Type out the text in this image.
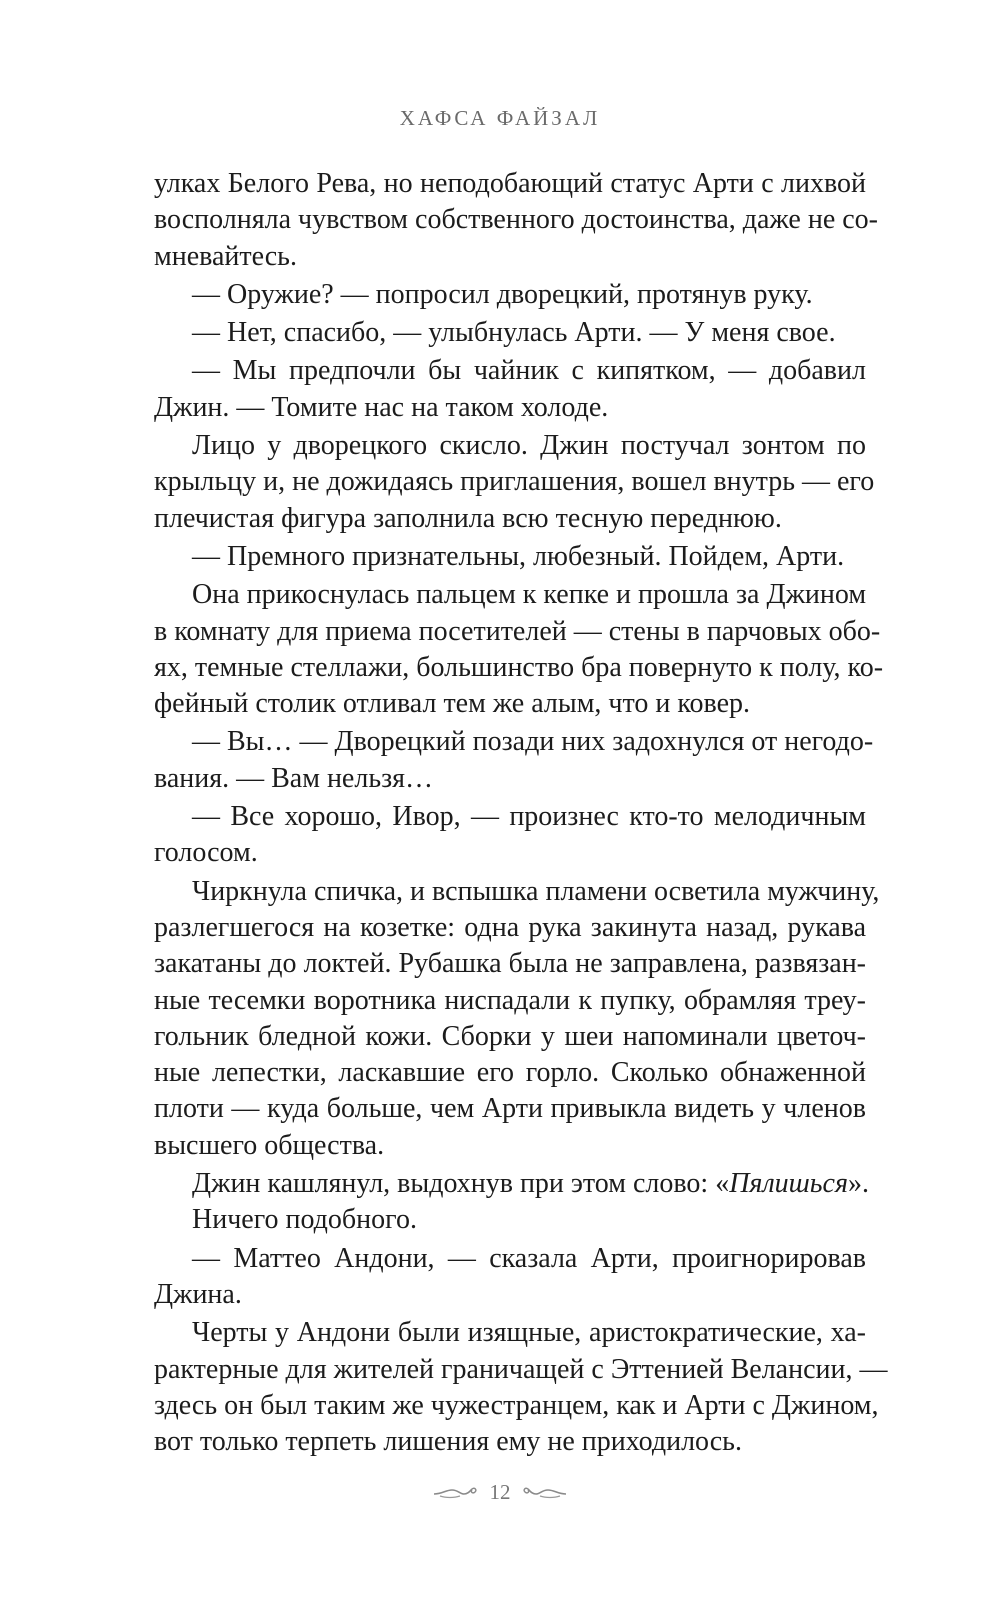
ХАФСА ФАЙЗАЛ
улках Белого Рева, но неподобающий статус Арти с лихвой
восполняла чувством собственного достоинства, даже не со-
мневайтесь.
— Оружие? — попросил дворецкий, протянув руку.
— Нет, спасибо, — улыбнулась Арти. — У меня свое.
— Мы предпочли бы чайник с кипятком, — добавил
Джин. — Томите нас на таком холоде.
Лицо у дворецкого скисло. Джин постучал зонтом по
крыльцу и, не дожидаясь приглашения, вошел внутрь — его
плечистая фигура заполнила всю тесную переднюю.
— Премного признательны, любезный. Пойдем, Арти.
Она прикоснулась пальцем к кепке и прошла за Джином
в комнату для приема посетителей — стены в парчовых обо-
ях, темные стеллажи, большинство бра повернуто к полу, ко-
фейный столик отливал тем же алым, что и ковер.
— Вы… — Дворецкий позади них задохнулся от негодо-
вания. — Вам нельзя…
— Все хорошо, Ивор, — произнес кто-то мелодичным
голосом.
Чиркнула спичка, и вспышка пламени осветила мужчину,
разлегшегося на козетке: одна рука закинута назад, рукава
закатаны до локтей. Рубашка была не заправлена, развязан-
ные тесемки воротника ниспадали к пупку, обрамляя треу-
гольник бледной кожи. Сборки у шеи напоминали цветоч-
ные лепестки, ласкавшие его горло. Сколько обнаженной
плоти — куда больше, чем Арти привыкла видеть у членов
высшего общества.
Джин кашлянул, выдохнув при этом слово: «Пялишься».
Ничего подобного.
— Маттео Андони, — сказала Арти, проигнорировав
Джина.
Черты у Андони были изящные, аристократические, ха-
рактерные для жителей граничащей с Эттенией Велансии, —
здесь он был таким же чужестранцем, как и Арти с Джином,
вот только терпеть лишения ему не приходилось.
12
